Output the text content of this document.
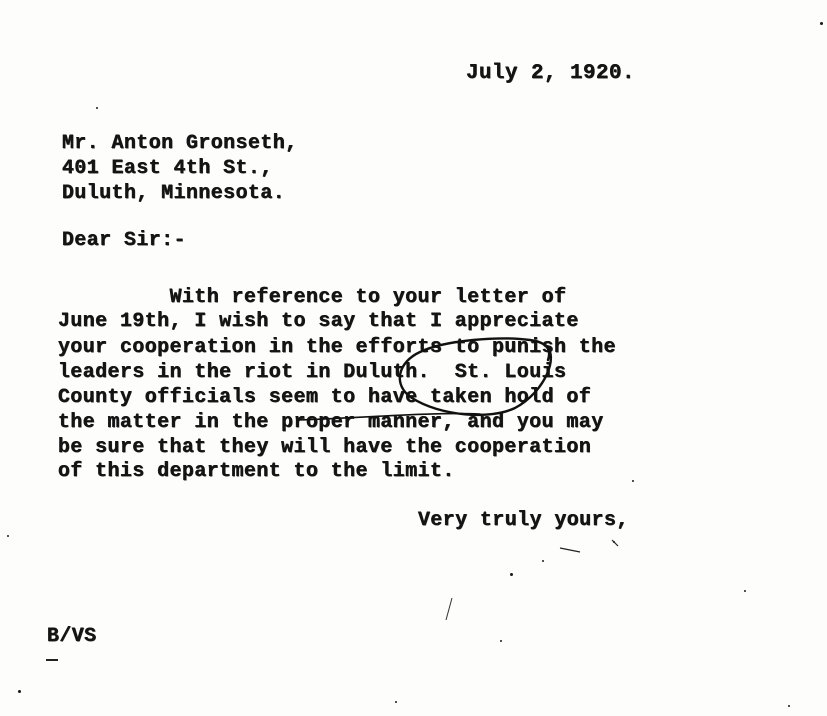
July 2, 1920.
Mr. Anton Gronseth,
401 East 4th St.,
Duluth, Minnesota.
Dear Sir:-
With reference to your letter of
June 19th, I wish to say that I appreciate
your cooperation in the efforts to punish the
leaders in the riot in Duluth.  St. Louis
County officials seem to have taken hold of
the matter in the proper manner, and you may
be sure that they will have the cooperation
of this department to the limit.
Very truly yours,
B/VS
